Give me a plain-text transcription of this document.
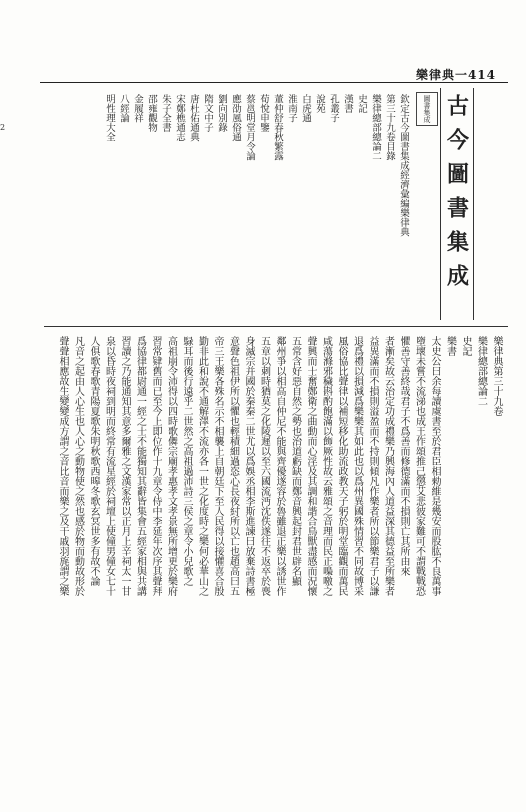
樂律典一414
2	古今圖書集成
圖書集成
欽定古今圖書集成經濟彙編樂律典
第三十九卷目錄
樂律總部總論二
史記
漢書
孔叢子
說苑
白虎通
淮南子
董仲舒春秋繁露
荀悅申鑒
蔡邕明堂月令論
應劭風俗通
劉向別錄
隋文中子
唐杜佑通典
宋鄭樵通志
朱子全書
邵雍觀物
金履祥
八經論
明性理大全
樂律典第三十九卷
樂律總部總論二
史記
樂書
太史公曰余每讀虞書至於君臣相勑維是幾安而股肱不良萬事
墮壞未嘗不流涕也成王作頌推己懲艾悲彼家難可不謂戰戰恐
懼善守善終哉君子不爲善而修德滿而不損則亡其所由來
者漸矣故云治定功成禮樂乃興海內人道益深其德益至所樂者
益異滿而不損則溢盈而不持則傾凡作樂者所以節樂君子以謙
退爲禮以損減爲樂樂其如此也以爲州異國殊情習不同故博采
風俗協比聲律以補短移化助流政教天子躬於明堂臨觀而萬民
咸蕩滌邪穢斟酌飽滿以飾厥性故云雅頌之音理而民正嘄噭之
聲興而士奮鄭衛之曲動而心淫及其調和諧合鳥獸盡感而況懷
五常含好惡自然之勢也治道虧缺而鄭音興起封君世辟名顯
鄰州爭以相高自仲尼不能與齊優遂容於魯雖退正樂以誘世作
五章以刺時猶莫之化陵遲以至六國流沔沈佚遂往不返卒於喪
身滅宗并國於秦秦二世尤以爲娛丞相李斯進諫曰放棄詩書極
意聲色祖伊所以懼也輕積細過恣心長夜紂所以亡也趙高曰五
帝三王樂各殊名示不相襲上自朝廷下至人民得以接懽喜合殷
勤非此和說不通解澤不流亦各一世之化度時之樂何必華山之
騄耳而後行遠乎二世然之高祖過沛詩三侯之章令小兒歌之
高祖崩令沛得以四時歌儛宗廟孝惠孝文孝景無所增更於樂府
習常肄舊而已至今上即位作十九章令侍中李延年次序其聲拜
爲協律都尉通一經之士不能獨知其辭皆集會五經家相與共講
習讀之乃能通知其意多爾雅之文漢家常以正月上辛祠太一甘
泉以昏時夜祠到明而終常有流星經於祠壇上使僮男僮女七十
人俱歌春歌青陽夏歌朱明秋歌西暤冬歌玄冥世多有故不論
凡音之起由人心生也人心之動物使之然也感於物而動故形於
聲聲相應故生變變成方謂之音比音而樂之及干戚羽旄謂之樂
